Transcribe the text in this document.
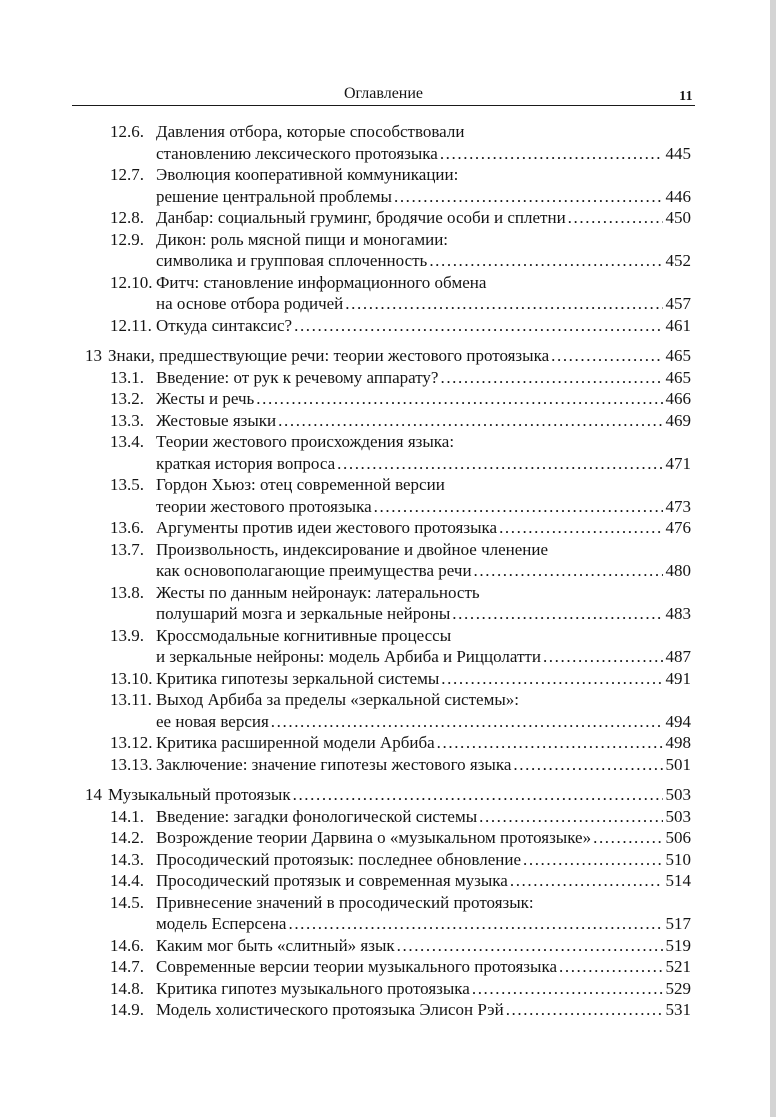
Оглавление	11
12.6. Давления отбора, которые способствовали
становлению лексического протоязыка .....	445
12.7. Эволюция кооперативной коммуникации:
решение центральной проблемы .....	446
12.8. Данбар: социальный груминг, бродячие особи и сплетни .....	450
12.9. Дикон: роль мясной пищи и моногамии:
символика и групповая сплоченность .....	452
12.10. Фитч: становление информационного обмена
на основе отбора родичей .....	457
12.11. Откуда синтаксис? .....	461
13 Знаки, предшествующие речи: теории жестового протоязыка .....	465
13.1. Введение: от рук к речевому аппарату? .....	465
13.2. Жесты и речь .....	466
13.3. Жестовые языки .....	469
13.4. Теории жестового происхождения языка:
краткая история вопроса .....	471
13.5. Гордон Хьюз: отец современной версии
теории жестового протоязыка .....	473
13.6. Аргументы против идеи жестового протоязыка .....	476
13.7. Произвольность, индексирование и двойное членение
как основополагающие преимущества речи .....	480
13.8. Жесты по данным нейронаук: латеральность
полушарий мозга и зеркальные нейроны .....	483
13.9. Кроссмодальные когнитивные процессы
и зеркальные нейроны: модель Арбиба и Риццолатти .....	487
13.10. Критика гипотезы зеркальной системы .....	491
13.11. Выход Арбиба за пределы «зеркальной системы»:
ее новая версия .....	494
13.12. Критика расширенной модели Арбиба .....	498
13.13. Заключение: значение гипотезы жестового языка .....	501
14 Музыкальный протоязык .....	503
14.1. Введение: загадки фонологической системы .....	503
14.2. Возрождение теории Дарвина о «музыкальном протоязыке» .....	506
14.3. Просодический протоязык: последнее обновление .....	510
14.4. Просодический протязык и современная музыка .....	514
14.5. Привнесение значений в просодический протоязык:
модель Есперсена .....	517
14.6. Каким мог быть «слитный» язык .....	519
14.7. Современные версии теории музыкального протоязыка .....	521
14.8. Критика гипотез музыкального протоязыка .....	529
14.9. Модель холистического протоязыка Элисон Рэй .....	531
